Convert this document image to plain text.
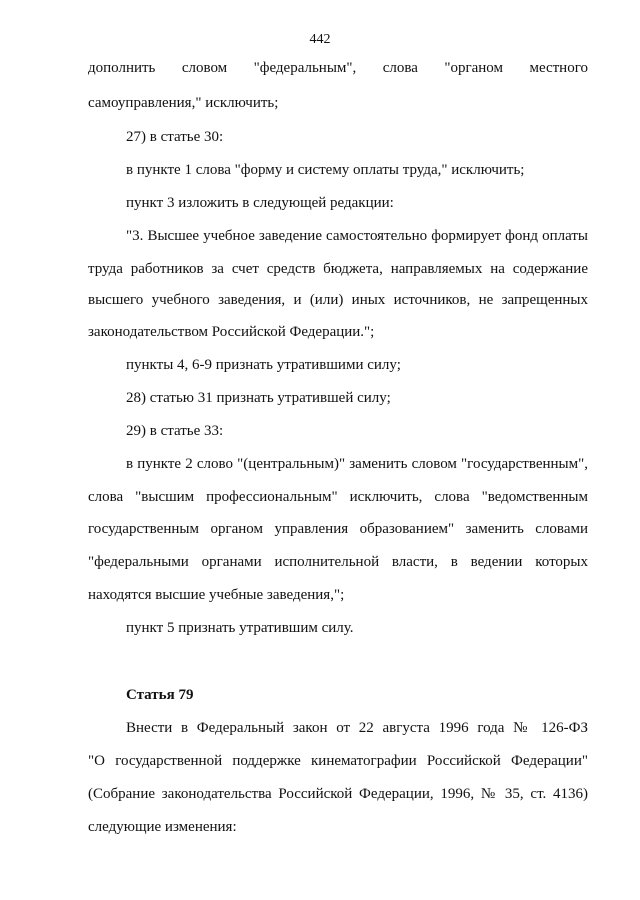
442
дополнить словом "федеральным", слова "органом местного
самоуправления," исключить;
27) в статье 30:
в пункте 1 слова "форму и систему оплаты труда," исключить;
пункт 3 изложить в следующей редакции:
"3. Высшее учебное заведение самостоятельно формирует фонд оплаты
труда работников за счет средств бюджета, направляемых на содержание
высшего учебного заведения, и (или) иных источников, не запрещенных
законодательством Российской Федерации.";
пункты 4, 6-9 признать утратившими силу;
28) статью 31 признать утратившей силу;
29) в статье 33:
в пункте 2 слово "(центральным)" заменить словом "государственным",
слова "высшим профессиональным" исключить, слова "ведомственным
государственным органом управления образованием" заменить словами
"федеральными органами исполнительной власти, в ведении которых
находятся высшие учебные заведения,";
пункт 5 признать утратившим силу.
Статья 79
Внести в Федеральный закон от 22 августа 1996 года № 126-ФЗ
"О государственной поддержке кинематографии Российской Федерации"
(Собрание законодательства Российской Федерации, 1996, № 35, ст. 4136)
следующие изменения:
